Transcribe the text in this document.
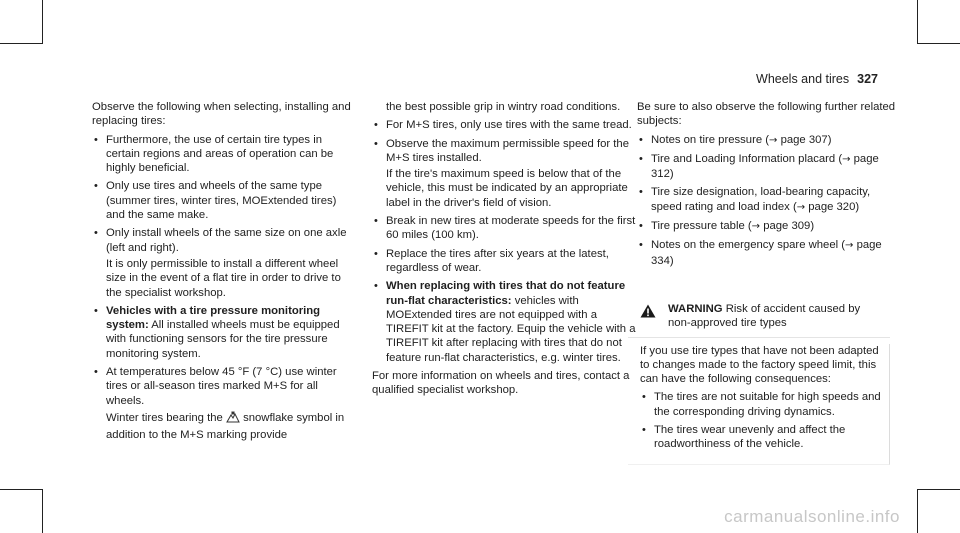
Wheels and tires 327

Observe the following when selecting, installing and replacing tires:

• Furthermore, the use of certain tire types in certain regions and areas of operation can be highly beneficial.
• Only use tires and wheels of the same type (summer tires, winter tires, MOExtended tires) and the same make.
• Only install wheels of the same size on one axle (left and right).
It is only permissible to install a different wheel size in the event of a flat tire in order to drive to the specialist workshop.
• Vehicles with a tire pressure monitoring system: All installed wheels must be equipped with functioning sensors for the tire pressure monitoring system.
• At temperatures below 45 °F (7 °C) use winter tires or all-season tires marked M+S for all wheels.
Winter tires bearing the  snowflake symbol in addition to the M+S marking provide

the best possible grip in wintry road conditions.

• For M+S tires, only use tires with the same tread.
• Observe the maximum permissible speed for the M+S tires installed.
If the tire's maximum speed is below that of the vehicle, this must be indicated by an appropriate label in the driver's field of vision.
• Break in new tires at moderate speeds for the first 60 miles (100 km).
• Replace the tires after six years at the latest, regardless of wear.
• When replacing with tires that do not feature run-flat characteristics: vehicles with MOExtended tires are not equipped with a TIREFIT kit at the factory. Equip the vehicle with a TIREFIT kit after replacing with tires that do not feature run-flat characteristics, e.g. winter tires.

For more information on wheels and tires, contact a qualified specialist workshop.

Be sure to also observe the following further related subjects:

• Notes on tire pressure (→ page 307)
• Tire and Loading Information placard (→ page 312)
• Tire size designation, load-bearing capacity, speed rating and load index (→ page 320)
• Tire pressure table (→ page 309)
• Notes on the emergency spare wheel (→ page 334)
WARNING Risk of accident caused by non-approved tire types

If you use tire types that have not been adapted to changes made to the factory speed limit, this can have the following consequences:

• The tires are not suitable for high speeds and the corresponding driving dynamics.
• The tires wear unevenly and affect the roadworthiness of the vehicle.
carmanualsonline.info
